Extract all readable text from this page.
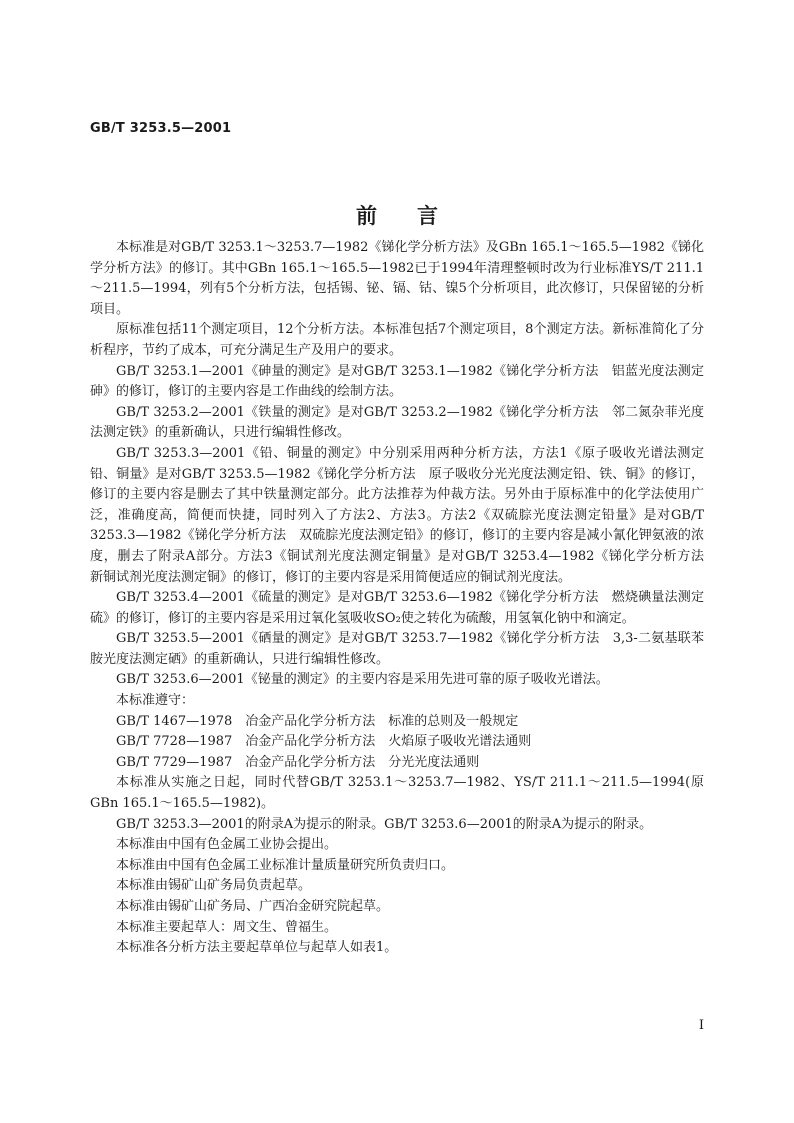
GB/T 3253.5—2001
前言

本标准是对GB/T 3253.1～3253.7—1982《锑化学分析方法》及GBn 165.1～165.5—1982《锑化学分析方法》的修订。其中GBn 165.1～165.5—1982已于1994年清理整顿时改为行业标准YS/T 211.1～211.5—1994，列有5个分析方法，包括锡、铋、镉、钴、镍5个分析项目，此次修订，只保留铋的分析项目。

原标准包括11个测定项目，12个分析方法。本标准包括7个测定项目，8个测定方法。新标准简化了分析程序，节约了成本，可充分满足生产及用户的要求。

GB/T 3253.1—2001《砷量的测定》是对GB/T 3253.1—1982《锑化学分析方法　铝蓝光度法测定砷》的修订，修订的主要内容是工作曲线的绘制方法。

GB/T 3253.2—2001《铁量的测定》是对GB/T 3253.2—1982《锑化学分析方法　邻二氮杂菲光度法测定铁》的重新确认，只进行编辑性修改。

GB/T 3253.3—2001《铅、铜量的测定》中分别采用两种分析方法，方法1《原子吸收光谱法测定铅、铜量》是对GB/T 3253.5—1982《锑化学分析方法　原子吸收分光光度法测定铅、铁、铜》的修订，修订的主要内容是删去了其中铁量测定部分。此方法推荐为仲裁方法。另外由于原标准中的化学法使用广泛，准确度高，简便而快捷，同时列入了方法2、方法3。方法2《双硫腙光度法测定铅量》是对GB/T 3253.3—1982《锑化学分析方法　双硫腙光度法测定铅》的修订，修订的主要内容是减小氰化钾氨液的浓度，删去了附录A部分。方法3《铜试剂光度法测定铜量》是对GB/T 3253.4—1982《锑化学分析方法　新铜试剂光度法测定铜》的修订，修订的主要内容是采用简便适应的铜试剂光度法。

GB/T 3253.4—2001《硫量的测定》是对GB/T 3253.6—1982《锑化学分析方法　燃烧碘量法测定硫》的修订，修订的主要内容是采用过氧化氢吸收SO₂使之转化为硫酸，用氢氧化钠中和滴定。

GB/T 3253.5—2001《硒量的测定》是对GB/T 3253.7—1982《锑化学分析方法　3,3-二氨基联苯胺光度法测定硒》的重新确认，只进行编辑性修改。

GB/T 3253.6—2001《铋量的测定》的主要内容是采用先进可靠的原子吸收光谱法。

本标准遵守：

GB/T 1467—1978　冶金产品化学分析方法　标准的总则及一般规定

GB/T 7728—1987　冶金产品化学分析方法　火焰原子吸收光谱法通则

GB/T 7729—1987　冶金产品化学分析方法　分光光度法通则

本标准从实施之日起，同时代替GB/T 3253.1～3253.7—1982、YS/T 211.1～211.5—1994(原GBn 165.1～165.5—1982)。

GB/T 3253.3—2001的附录A为提示的附录。GB/T 3253.6—2001的附录A为提示的附录。

本标准由中国有色金属工业协会提出。

本标准由中国有色金属工业标准计量质量研究所负责归口。

本标准由锡矿山矿务局负责起草。

本标准由锡矿山矿务局、广西冶金研究院起草。

本标准主要起草人：周文生、曾福生。

本标准各分析方法主要起草单位与起草人如表1。

I
